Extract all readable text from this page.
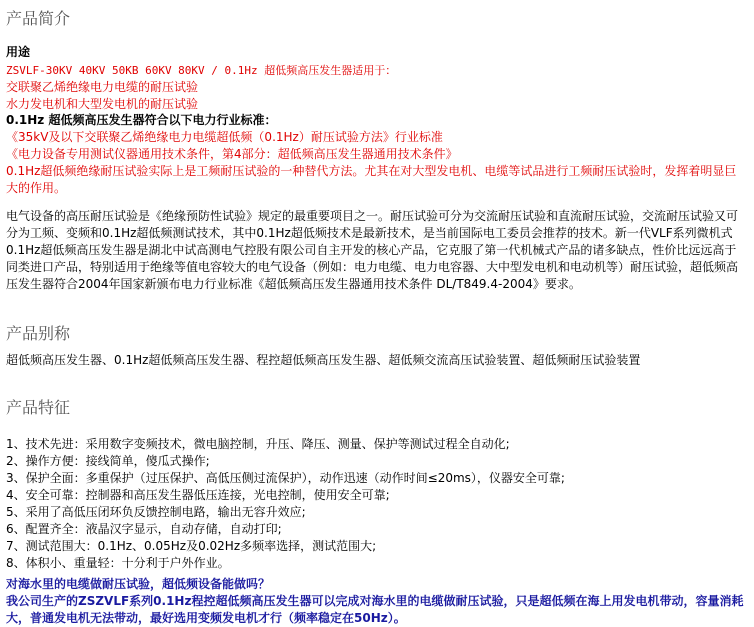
产品简介
用途
ZSVLF-30KV 40KV 50KB 60KV 80KV / 0.1Hz 超低频高压发生器适用于：
交联聚乙烯绝缘电力电缆的耐压试验
水力发电机和大型发电机的耐压试验
0.1Hz 超低频高压发生器符合以下电力行业标准：
《35kV及以下交联聚乙烯绝缘电力电缆超低频（0.1Hz）耐压试验方法》行业标准
《电力设备专用测试仪器通用技术条件，第4部分：超低频高压发生器通用技术条件》
0.1Hz超低频绝缘耐压试验实际上是工频耐压试验的一种替代方法。尤其在对大型发电机、电缆等试品进行工频耐压试验时，发挥着明显巨大的作用。
电气设备的高压耐压试验是《绝缘预防性试验》规定的最重要项目之一。耐压试验可分为交流耐压试验和直流耐压试验，交流耐压试验又可分为工频、变频和0.1Hz超低频测试技术，其中0.1Hz超低频技术是最新技术，是当前国际电工委员会推荐的技术。新一代VLF系列微机式0.1Hz超低频高压发生器是湖北中试高测电气控股有限公司自主开发的核心产品，它克服了第一代机械式产品的诸多缺点，性价比远远高于同类进口产品，特别适用于绝缘等值电容较大的电气设备（例如：电力电缆、电力电容器、大中型发电机和电动机等）耐压试验，超低频高压发生器符合2004年国家新颁布电力行业标准《超低频高压发生器通用技术条件 DL/T849.4-2004》要求。
产品别称
超低频高压发生器、0.1Hz超低频高压发生器、程控超低频高压发生器、超低频交流高压试验装置、超低频耐压试验装置
产品特征
1、技术先进：采用数字变频技术，微电脑控制，升压、降压、测量、保护等测试过程全自动化;
2、操作方便：接线简单，傻瓜式操作;
3、保护全面：多重保护（过压保护、高低压侧过流保护），动作迅速（动作时间≤20ms），仪器安全可靠;
4、安全可靠：控制器和高压发生器低压连接，光电控制，使用安全可靠;
5、采用了高低压闭环负反馈控制电路，输出无容升效应;
6、配置齐全：液晶汉字显示，自动存储，自动打印;
7、测试范围大：0.1Hz、0.05Hz及0.02Hz多频率选择，测试范围大;
8、体积小、重量轻：十分利于户外作业。
对海水里的电缆做耐压试验，超低频设备能做吗？
我公司生产的ZSZVLF系列0.1Hz程控超低频高压发生器可以完成对海水里的电缆做耐压试验，只是超低频在海上用发电机带动，容量消耗大，普通发电机无法带动，最好选用变频发电机才行（频率稳定在50Hz）。
